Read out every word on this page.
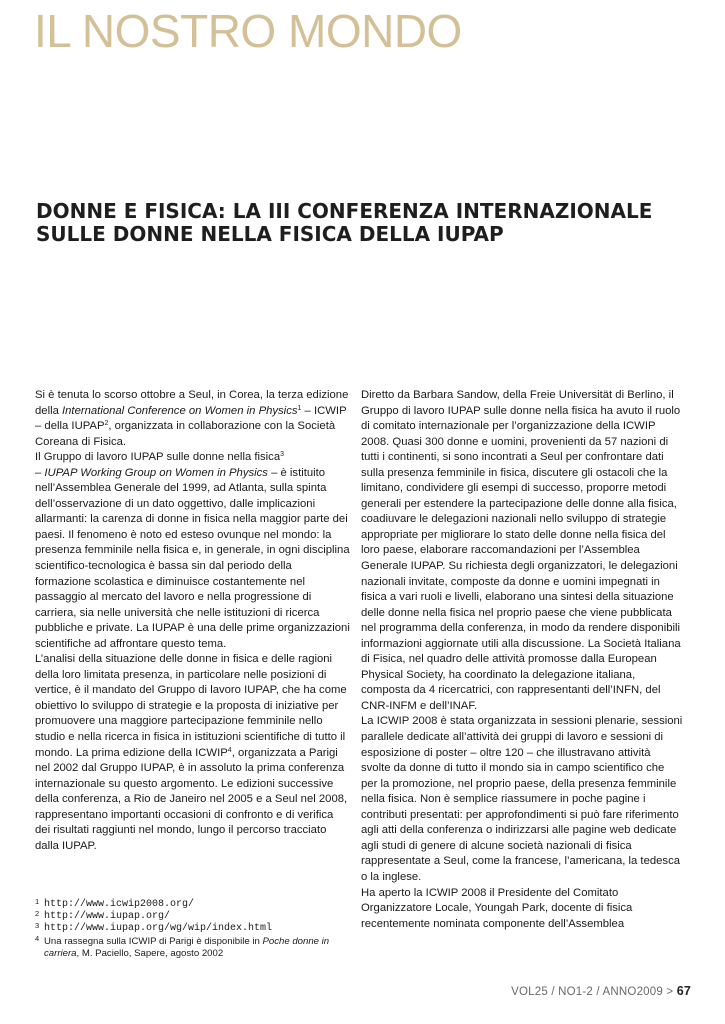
IL NOSTRO MONDO
DONNE E FISICA: LA III CONFERENZA INTERNAZIONALE SULLE DONNE NELLA FISICA DELLA IUPAP

Si è tenuta lo scorso ottobre a Seul, in Corea, la terza edizione della International Conference on Women in Physics$^1$ – ICWIP – della IUPAP$^2$, organizzata in collaborazione con la Società Coreana di Fisica.

Il Gruppo di lavoro IUPAP sulle donne nella fisica$^3$
– IUPAP Working Group on Women in Physics – è istituito nell’Assemblea Generale del 1999, ad Atlanta, sulla spinta dell’osservazione di un dato oggettivo, dalle implicazioni allarmanti: la carenza di donne in fisica nella maggior parte dei paesi. Il fenomeno è noto ed esteso ovunque nel mondo: la presenza femminile nella fisica e, in generale, in ogni disciplina scientifico-tecnologica è bassa sin dal periodo della formazione scolastica e diminuisce costantemente nel passaggio al mercato del lavoro e nella progressione di carriera, sia nelle università che nelle istituzioni di ricerca pubbliche e private. La IUPAP è una delle prime organizzazioni scientifiche ad affrontare questo tema.

L’analisi della situazione delle donne in fisica e delle ragioni della loro limitata presenza, in particolare nelle posizioni di vertice, è il mandato del Gruppo di lavoro IUPAP, che ha come obiettivo lo sviluppo di strategie e la proposta di iniziative per promuovere una maggiore partecipazione femminile nello studio e nella ricerca in fisica in istituzioni scientifiche di tutto il mondo. La prima edizione della ICWIP$^4$, organizzata a Parigi nel 2002 dal Gruppo IUPAP, è in assoluto la prima conferenza internazionale su questo argomento. Le edizioni successive della conferenza, a Rio de Janeiro nel 2005 e a Seul nel 2008, rappresentano importanti occasioni di confronto e di verifica dei risultati raggiunti nel mondo, lungo il percorso tracciato dalla IUPAP.

Diretto da Barbara Sandow, della Freie Universität di Berlino, il Gruppo di lavoro IUPAP sulle donne nella fisica ha avuto il ruolo di comitato internazionale per l’organizzazione della ICWIP 2008. Quasi 300 donne e uomini, provenienti da 57 nazioni di tutti i continenti, si sono incontrati a Seul per confrontare dati sulla presenza femminile in fisica, discutere gli ostacoli che la limitano, condividere gli esempi di successo, proporre metodi generali per estendere la partecipazione delle donne alla fisica, coadiuvare le delegazioni nazionali nello sviluppo di strategie appropriate per migliorare lo stato delle donne nella fisica del loro paese, elaborare raccomandazioni per l’Assemblea Generale IUPAP. Su richiesta degli organizzatori, le delegazioni nazionali invitate, composte da donne e uomini impegnati in fisica a vari ruoli e livelli, elaborano una sintesi della situazione delle donne nella fisica nel proprio paese che viene pubblicata nel programma della conferenza, in modo da rendere disponibili informazioni aggiornate utili alla discussione. La Società Italiana di Fisica, nel quadro delle attività promosse dalla European Physical Society, ha coordinato la delegazione italiana, composta da 4 ricercatrici, con rappresentanti dell’INFN, del CNR-INFM e dell’INAF.

La ICWIP 2008 è stata organizzata in sessioni plenarie, sessioni parallele dedicate all’attività dei gruppi di lavoro e sessioni di esposizione di poster – oltre 120 – che illustravano attività svolte da donne di tutto il mondo sia in campo scientifico che per la promozione, nel proprio paese, della presenza femminile nella fisica. Non è semplice riassumere in poche pagine i contributi presentati: per approfondimenti si può fare riferimento agli atti della conferenza o indirizzarsi alle pagine web dedicate agli studi di genere di alcune società nazionali di fisica rappresentate a Seul, come la francese, l’americana, la tedesca o la inglese.

Ha aperto la ICWIP 2008 il Presidente del Comitato Organizzatore Locale, Youngah Park, docente di fisica recentemente nominata componente dell’Assemblea

1 http://www.icwip2008.org/
2 http://www.iupap.org/
3 http://www.iupap.org/wg/wip/index.html
4 Una rassegna sulla ICWIP di Parigi è disponibile in Poche donne in carriera, M. Paciello, Sapere, agosto 2002
VOL25 / NO1-2 / ANNO2009 > 67
